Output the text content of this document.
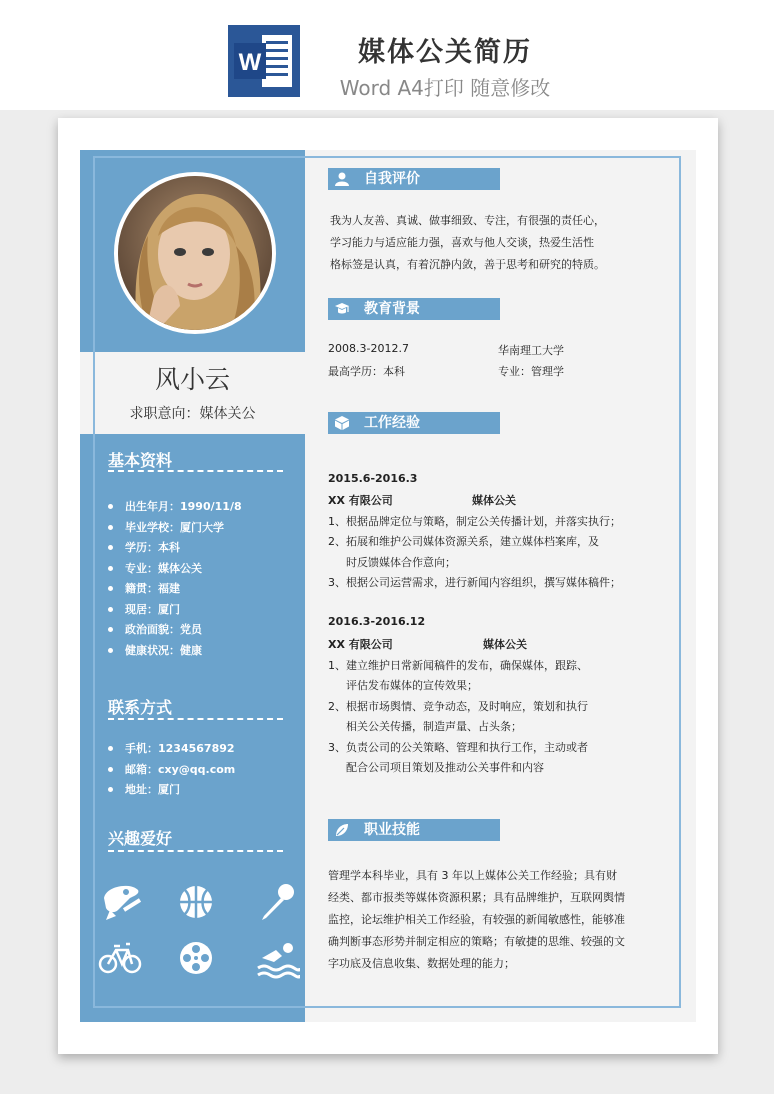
W	媒体公关简历
Word A4打印 随意修改
风小云
求职意向：媒体关公
基本资料
出生年月：1990/11/8
毕业学校：厦门大学
学历：本科
专业：媒体公关
籍贯：福建
现居：厦门
政治面貌：党员
健康状况：健康
联系方式
手机：1234567892
邮箱：cxy@qq.com
地址：厦门
兴趣爱好
自我评价
我为人友善、真诚、做事细致、专注，有很强的责任心，
学习能力与适应能力强，喜欢与他人交谈，热爱生活性
格标签是认真，有着沉静内敛，善于思考和研究的特质。
教育背景
2008.3-2012.7	华南理工大学
最高学历：本科	专业：管理学
工作经验
2015.6-2016.3
XX 有限公司	媒体公关
1、根据品牌定位与策略，制定公关传播计划，并落实执行；
2、拓展和维护公司媒体资源关系，建立媒体档案库，及
时反馈媒体合作意向；
3、根据公司运营需求，进行新闻内容组织，撰写媒体稿件；
2016.3-2016.12
XX 有限公司	媒体公关
1、建立维护日常新闻稿件的发布，确保媒体，跟踪、
评估发布媒体的宣传效果；
2、根据市场舆情、竞争动态，及时响应，策划和执行
相关公关传播，制造声量、占头条；
3、负责公司的公关策略、管理和执行工作，主动或者
配合公司项目策划及推动公关事件和内容
职业技能
管理学本科毕业，具有 3 年以上媒体公关工作经验；具有财
经类、都市报类等媒体资源积累；具有品牌维护，互联网舆情
监控，论坛维护相关工作经验，有较强的新闻敏感性，能够准
确判断事态形势并制定相应的策略；有敏捷的思维、较强的文
字功底及信息收集、数据处理的能力；
